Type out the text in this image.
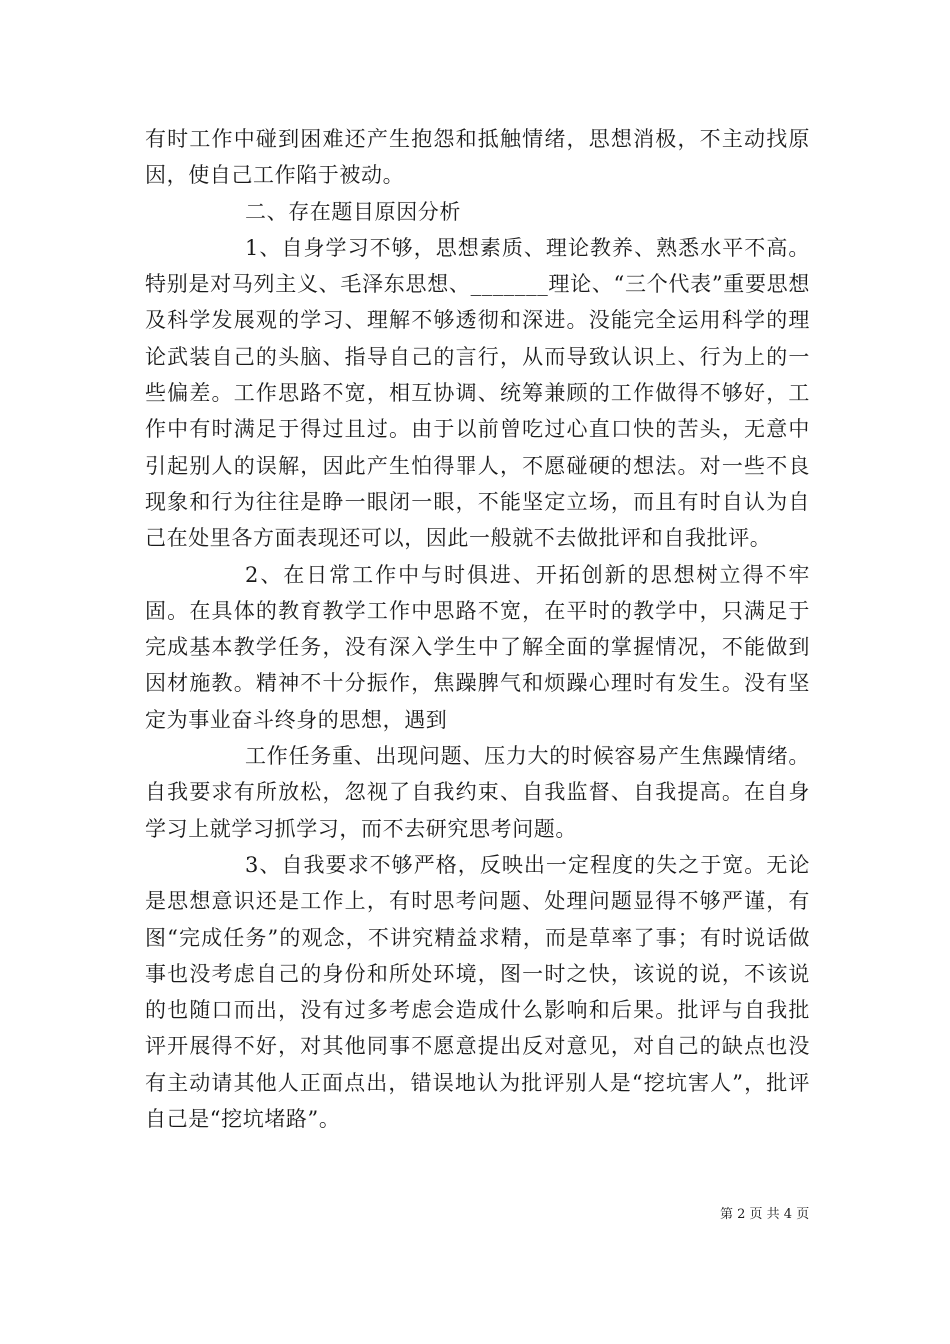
有时工作中碰到困难还产生抱怨和抵触情绪，思想消极，不主动找原因，使自己工作陷于被动。

二、存在题目原因分析

1、自身学习不够，思想素质、理论教养、熟悉水平不高。特别是对马列主义、毛泽东思想、_______理论、“三个代表”重要思想及科学发展观的学习、理解不够透彻和深进。没能完全运用科学的理论武装自己的头脑、指导自己的言行，从而导致认识上、行为上的一些偏差。工作思路不宽，相互协调、统筹兼顾的工作做得不够好，工作中有时满足于得过且过。由于以前曾吃过心直口快的苦头，无意中引起别人的误解，因此产生怕得罪人，不愿碰硬的想法。对一些不良现象和行为往往是睁一眼闭一眼，不能坚定立场，而且有时自认为自己在处里各方面表现还可以，因此一般就不去做批评和自我批评。

2、在日常工作中与时俱进、开拓创新的思想树立得不牢固。在具体的教育教学工作中思路不宽，在平时的教学中，只满足于完成基本教学任务，没有深入学生中了解全面的掌握情况，不能做到因材施教。精神不十分振作，焦躁脾气和烦躁心理时有发生。没有坚定为事业奋斗终身的思想，遇到

工作任务重、出现问题、压力大的时候容易产生焦躁情绪。自我要求有所放松，忽视了自我约束、自我监督、自我提高。在自身学习上就学习抓学习，而不去研究思考问题。

3、自我要求不够严格，反映出一定程度的失之于宽。无论是思想意识还是工作上，有时思考问题、处理问题显得不够严谨，有图“完成任务”的观念，不讲究精益求精，而是草率了事；有时说话做事也没考虑自己的身份和所处环境，图一时之快，该说的说，不该说的也随口而出，没有过多考虑会造成什么影响和后果。批评与自我批评开展得不好，对其他同事不愿意提出反对意见，对自己的缺点也没有主动请其他人正面点出，错误地认为批评别人是“挖坑害人”，批评自己是“挖坑堵路”。

第 2 页 共 4 页
